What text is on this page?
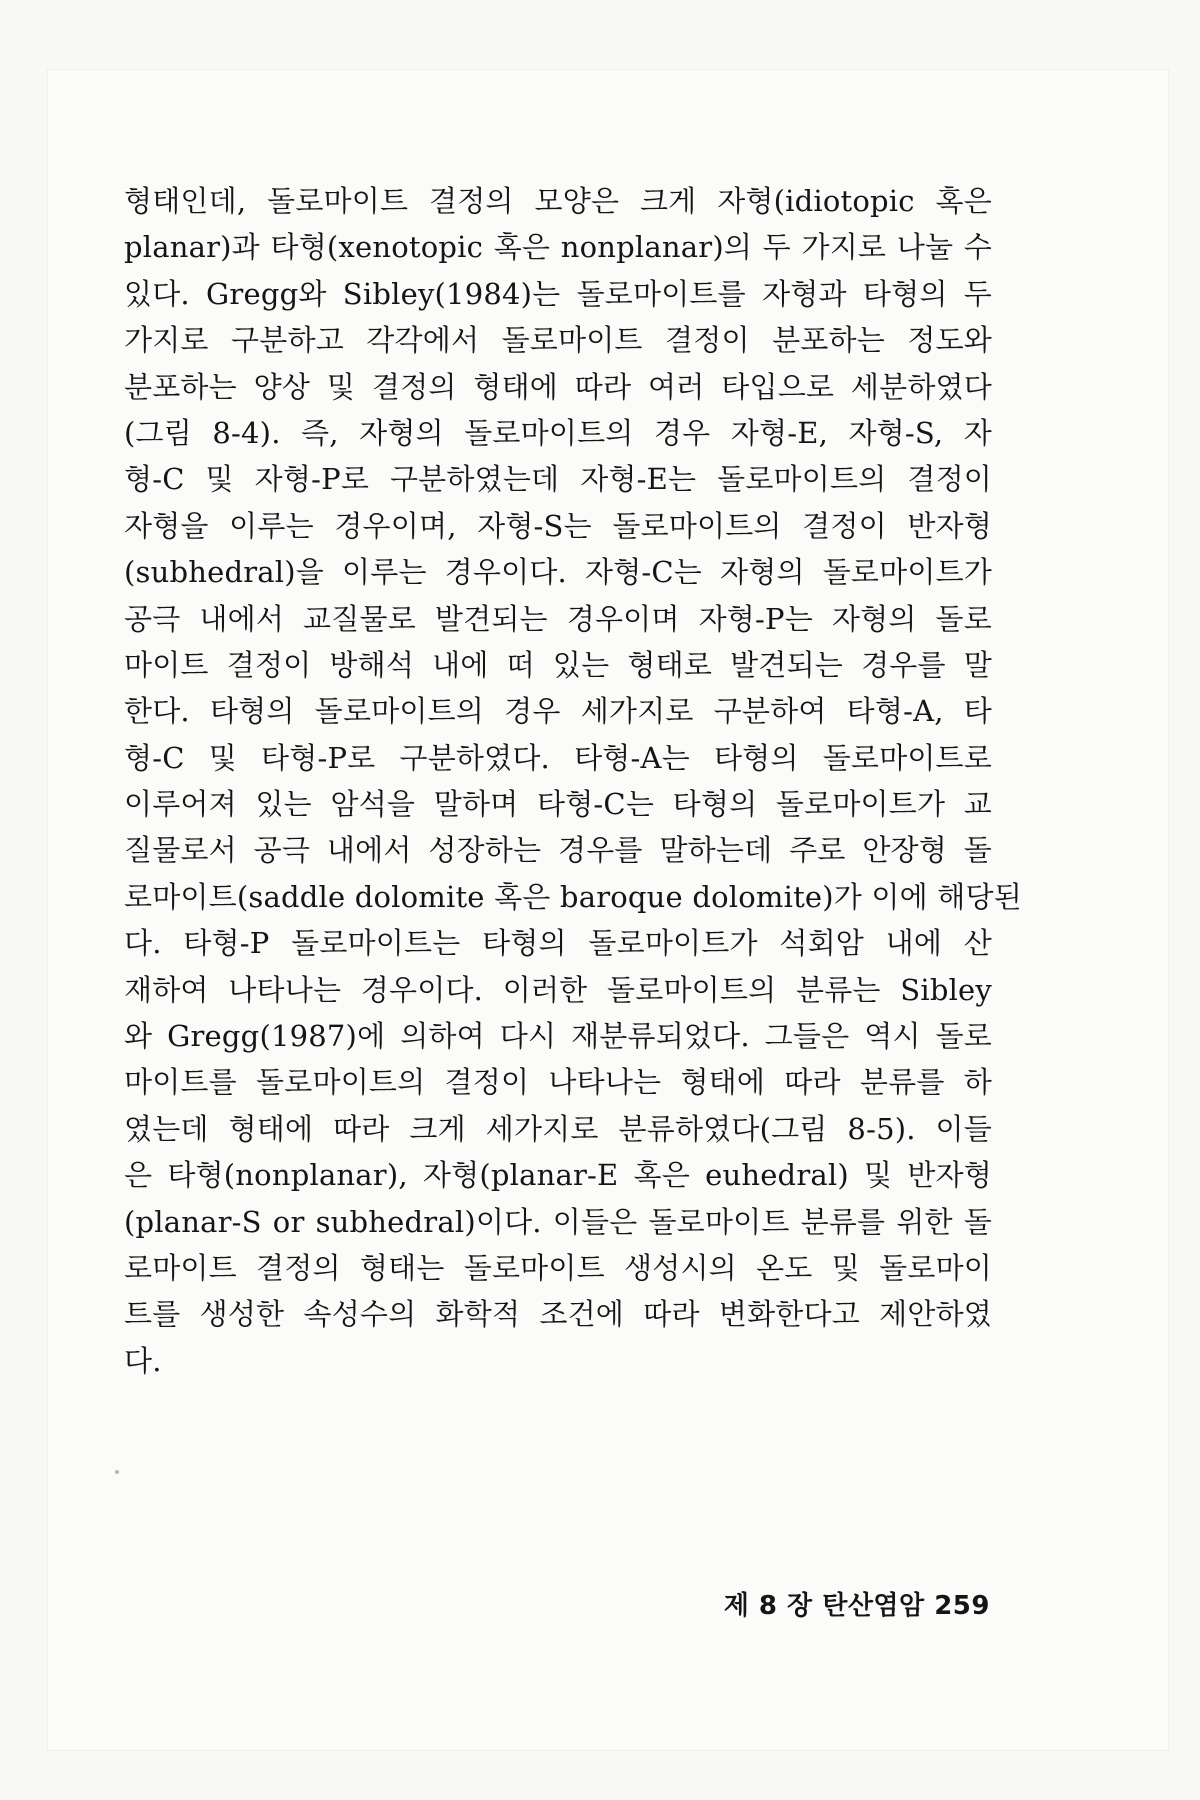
형태인데, 돌로마이트 결정의 모양은 크게 자형(idiotopic 혹은
planar)과 타형(xenotopic 혹은 nonplanar)의 두 가지로 나눌 수
있다. Gregg와 Sibley(1984)는 돌로마이트를 자형과 타형의 두
가지로 구분하고 각각에서 돌로마이트 결정이 분포하는 정도와
분포하는 양상 및 결정의 형태에 따라 여러 타입으로 세분하였다
(그림 8-4). 즉, 자형의 돌로마이트의 경우 자형-E, 자형-S, 자
형-C 및 자형-P로 구분하였는데 자형-E는 돌로마이트의 결정이
자형을 이루는 경우이며, 자형-S는 돌로마이트의 결정이 반자형
(subhedral)을 이루는 경우이다. 자형-C는 자형의 돌로마이트가
공극 내에서 교질물로 발견되는 경우이며 자형-P는 자형의 돌로
마이트 결정이 방해석 내에 떠 있는 형태로 발견되는 경우를 말
한다. 타형의 돌로마이트의 경우 세가지로 구분하여 타형-A, 타
형-C 및 타형-P로 구분하였다. 타형-A는 타형의 돌로마이트로
이루어져 있는 암석을 말하며 타형-C는 타형의 돌로마이트가 교
질물로서 공극 내에서 성장하는 경우를 말하는데 주로 안장형 돌
로마이트(saddle dolomite 혹은 baroque dolomite)가 이에 해당된
다. 타형-P 돌로마이트는 타형의 돌로마이트가 석회암 내에 산
재하여 나타나는 경우이다. 이러한 돌로마이트의 분류는 Sibley
와 Gregg(1987)에 의하여 다시 재분류되었다. 그들은 역시 돌로
마이트를 돌로마이트의 결정이 나타나는 형태에 따라 분류를 하
였는데 형태에 따라 크게 세가지로 분류하였다(그림 8-5). 이들
은 타형(nonplanar), 자형(planar-E 혹은 euhedral) 및 반자형
(planar-S or subhedral)이다. 이들은 돌로마이트 분류를 위한 돌
로마이트 결정의 형태는 돌로마이트 생성시의 온도 및 돌로마이
트를 생성한 속성수의 화학적 조건에 따라 변화한다고 제안하였
다.
제 8 장 탄산염암 259
